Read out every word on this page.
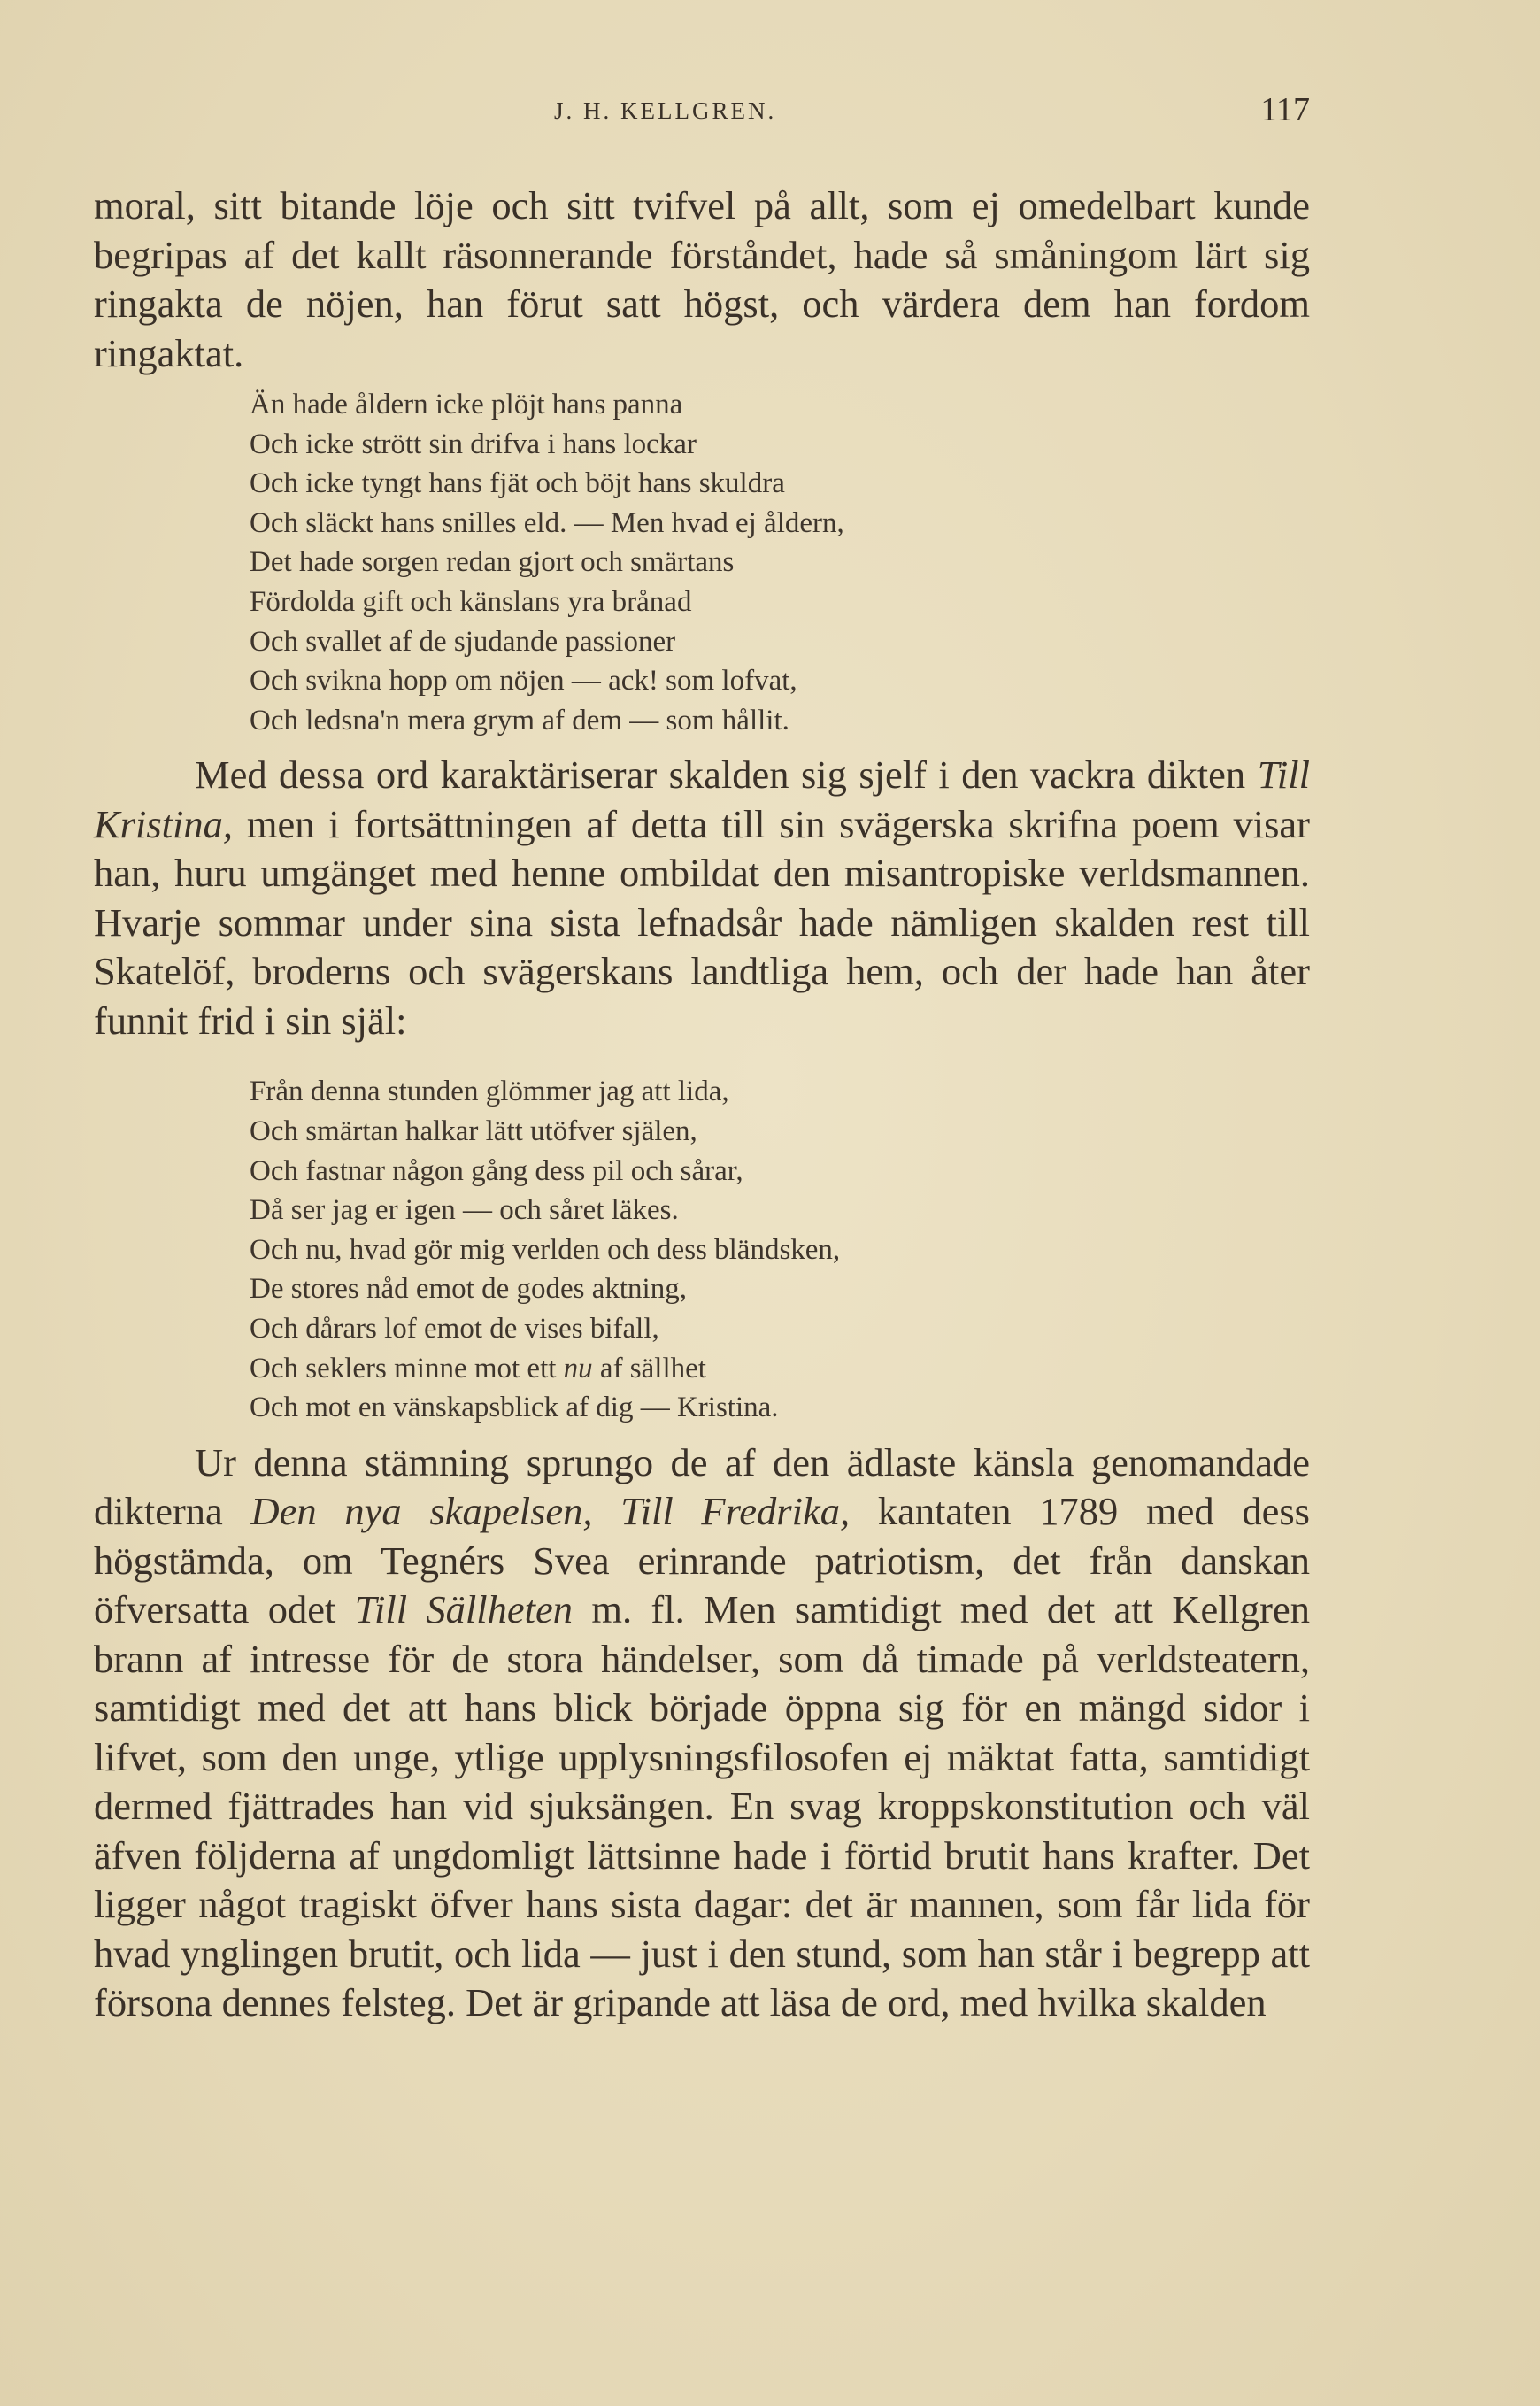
J. H. KELLGREN.	117

moral, sitt bitande löje och sitt tvifvel på allt, som ej omedelbart kunde begripas af det kallt räsonnerande förståndet, hade så småningom lärt sig ringakta de nöjen, han förut satt högst, och värdera dem han fordom ringaktat.

Än hade åldern icke plöjt hans panna
Och icke strött sin drifva i hans lockar
Och icke tyngt hans fjät och böjt hans skuldra
Och släckt hans snilles eld. — Men hvad ej åldern,
Det hade sorgen redan gjort och smärtans
Fördolda gift och känslans yra brånad
Och svallet af de sjudande passioner
Och svikna hopp om nöjen — ack! som lofvat,
Och ledsna'n mera grym af dem — som hållit.

Med dessa ord karaktäriserar skalden sig sjelf i den vackra dikten Till Kristina, men i fortsättningen af detta till sin svägerska skrifna poem visar han, huru umgänget med henne ombildat den misantropiske verldsmannen. Hvarje sommar under sina sista lefnadsår hade nämligen skalden rest till Skatelöf, broderns och svägerskans landtliga hem, och der hade han åter funnit frid i sin själ:

Från denna stunden glömmer jag att lida,
Och smärtan halkar lätt utöfver själen,
Och fastnar någon gång dess pil och sårar,
Då ser jag er igen — och såret läkes.
Och nu, hvad gör mig verlden och dess bländsken,
De stores nåd emot de godes aktning,
Och dårars lof emot de vises bifall,
Och seklers minne mot ett nu af sällhet
Och mot en vänskapsblick af dig — Kristina.

Ur denna stämning sprungo de af den ädlaste känsla genomandade dikterna Den nya skapelsen, Till Fredrika, kantaten 1789 med dess högstämda, om Tegnérs Svea erinrande patriotism, det från danskan öfversatta odet Till Sällheten m. fl. Men samtidigt med det att Kellgren brann af intresse för de stora händelser, som då timade på verldsteatern, samtidigt med det att hans blick började öppna sig för en mängd sidor i lifvet, som den unge, ytlige upplysningsfilosofen ej mäktat fatta, samtidigt dermed fjättrades han vid sjuksängen. En svag kroppskonstitution och väl äfven följderna af ungdomligt lättsinne hade i förtid brutit hans krafter. Det ligger något tragiskt öfver hans sista dagar: det är mannen, som får lida för hvad ynglingen brutit, och lida — just i den stund, som han står i begrepp att försona dennes felsteg. Det är gripande att läsa de ord, med hvilka skalden
